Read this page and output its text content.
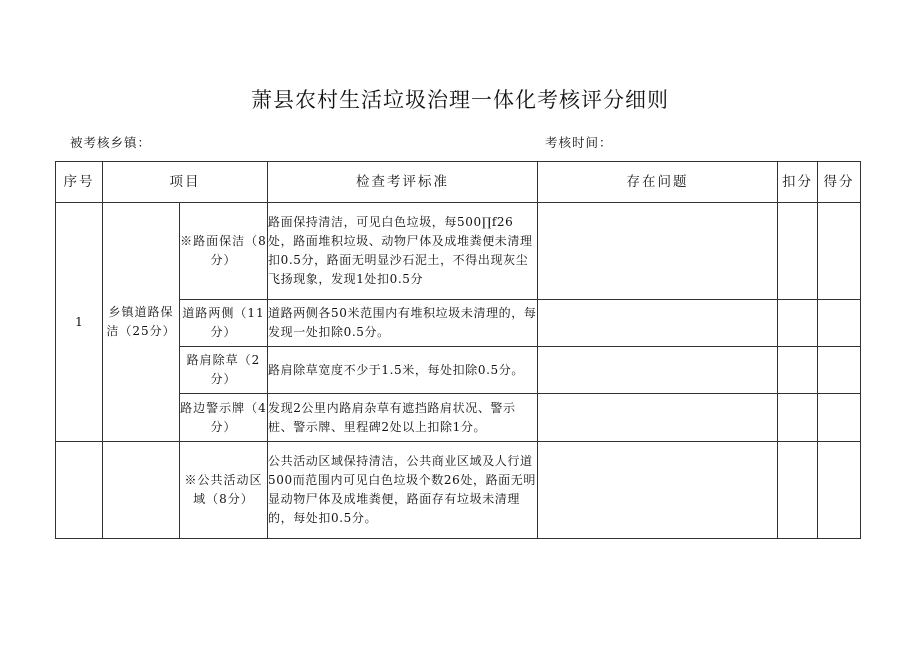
萧县农村生活垃圾治理一体化考核评分细则
被考核乡镇：	考核时间：
序号	项目		检查考评标准	存在问题	扣分	得分
1	乡镇道路保洁（25分）	※路面保洁（8分）	路面保持清洁，可见白色垃圾，每500∏f26处，路面堆积垃圾、动物尸体及成堆粪便未清理扣0.5分，路面无明显沙石泥土，不得出现灰尘飞扬现象，发现1处扣0.5分			
		道路两侧（11分）	道路两侧各50米范围内有堆积垃圾未清理的，每发现一处扣除0.5分。			
		路肩除草（2分）	路肩除草宽度不少于1.5米，每处扣除0.5分。			
		路边警示牌（4分）	发现2公里内路肩杂草有遮挡路肩状况、警示桩、警示牌、里程碑2处以上扣除1分。			
		※公共活动区域（8分）	公共活动区域保持清洁，公共商业区域及人行道500而范围内可见白色垃圾个数26处，路面无明显动物尸体及成堆粪便，路面存有垃圾未清理的，每处扣0.5分。			
